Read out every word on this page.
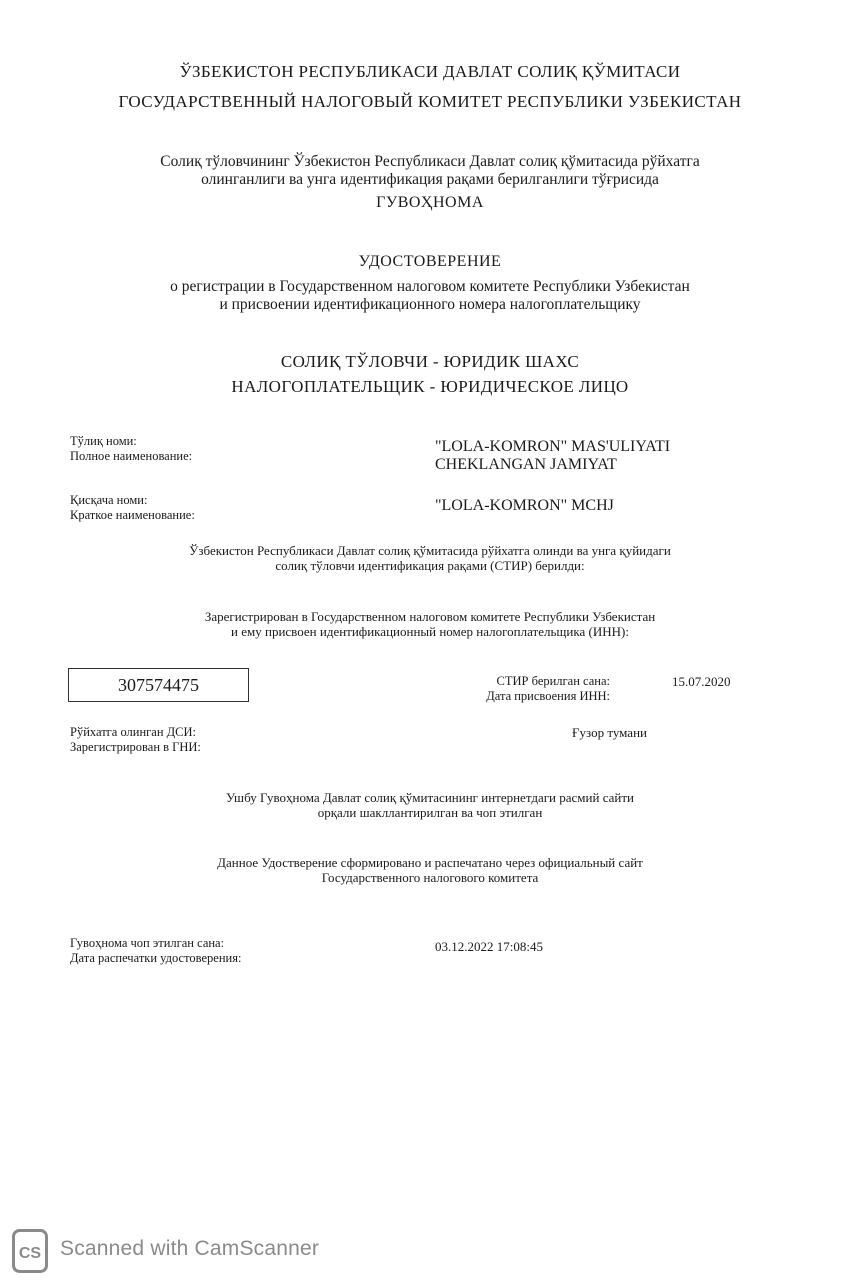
ЎЗБЕКИСТОН РЕСПУБЛИКАСИ ДАВЛАТ СОЛИҚ ҚЎМИТАСИ
ГОСУДАРСТВЕННЫЙ НАЛОГОВЫЙ КОМИТЕТ РЕСПУБЛИКИ УЗБЕКИСТАН
Солиқ тўловчининг Ўзбекистон Республикаси Давлат солиқ қўмитасида рўйхатга
олинганлиги ва унга идентификация рақами берилганлиги тўғрисида
ГУВОҲНОМА
УДОСТОВЕРЕНИЕ
о регистрации в Государственном налоговом комитете Республики Узбекистан
и присвоении идентификационного номера налогоплательщику
СОЛИҚ ТЎЛОВЧИ - ЮРИДИК ШАХС
НАЛОГОПЛАТЕЛЬЩИК - ЮРИДИЧЕСКОЕ ЛИЦО
Тўлиқ номи:
Полное наименование:
"LOLA-KOMRON" MAS'ULIYATI
CHEKLANGAN JAMIYAT
Қисқача номи:
Краткое наименование:
"LOLA-KOMRON" MCHJ
Ўзбекистон Республикаси Давлат солиқ қўмитасида рўйхатга олинди ва унга қуйидаги
солиқ тўловчи идентификация рақами (СТИР) берилди:
Зарегистрирован в Государственном налоговом комитете Республики Узбекистан
и ему присвоен идентификационный номер налогоплательщика (ИНН):
307574475	СТИР берилган сана:
Дата присвоения ИНН:
15.07.2020
Рўйхатга олинган ДСИ:
Зарегистрирован в ГНИ:
Ғузор тумани
Ушбу Гувоҳнома Давлат солиқ қўмитасининг интернетдаги расмий сайти
орқали шакллантирилган ва чоп этилган
Данное Удостверение сформировано и распечатано через официальный сайт
Государственного налогового комитета
Гувоҳнома чоп этилган сана:
Дата распечатки удостоверения:
03.12.2022 17:08:45
CS Scanned with CamScanner
